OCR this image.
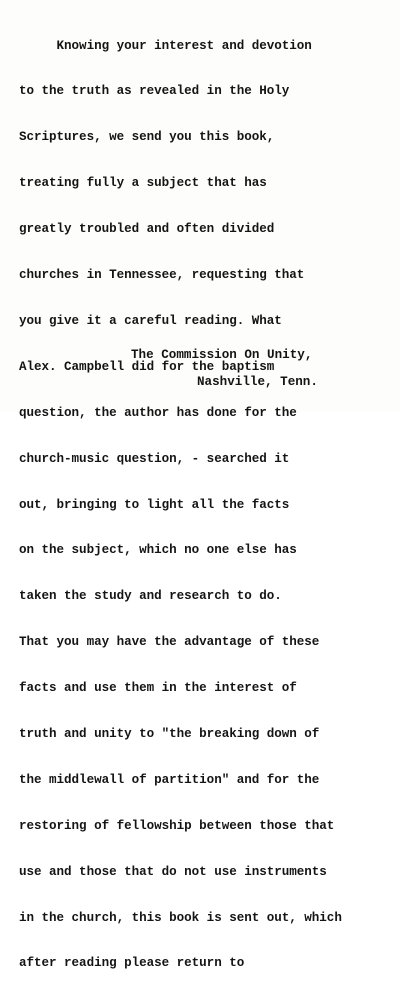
Knowing your interest and devotion

to the truth as revealed in the Holy

Scriptures, we send you this book,

treating fully a subject that has

greatly troubled and often divided

churches in Tennessee, requesting that

you give it a careful reading. What

Alex. Campbell did for the baptism

question, the author has done for the

church-music question, - searched it

out, bringing to light all the facts

on the subject, which no one else has

taken the study and research to do.

That you may have the advantage of these

facts and use them in the interest of

truth and unity to "the breaking down of

the middlewall of partition" and for the

restoring of fellowship between those that

use and those that do not use instruments

in the church, this book is sent out, which

after reading please return to

The Commission On Unity,
Nashville, Tenn.
